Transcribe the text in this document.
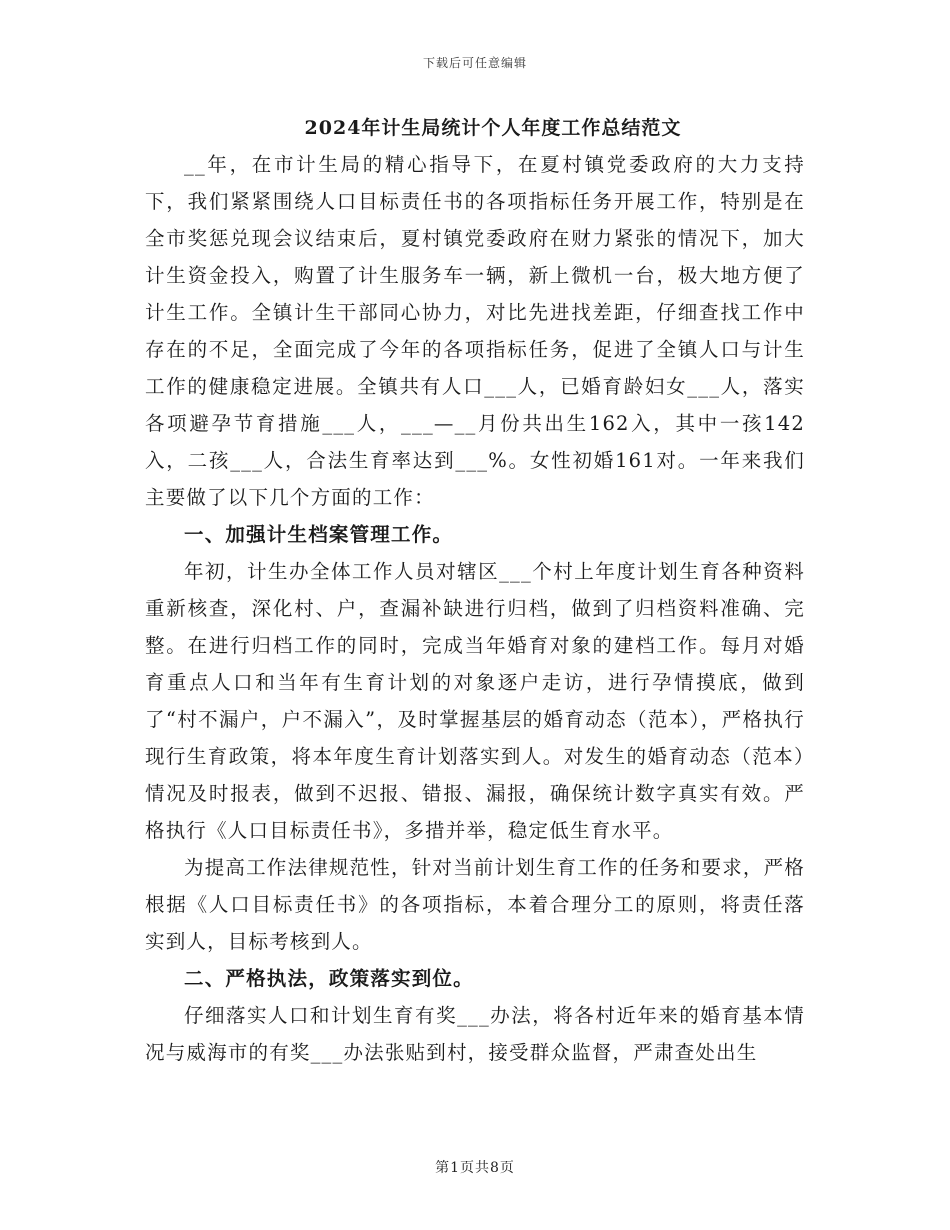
下载后可任意编辑
2024年计生局统计个人年度工作总结范文

__年，在市计生局的精心指导下，在夏村镇党委政府的大力支持下，我们紧紧围绕人口目标责任书的各项指标任务开展工作，特别是在全市奖惩兑现会议结束后，夏村镇党委政府在财力紧张的情况下，加大计生资金投入，购置了计生服务车一辆，新上微机一台，极大地方便了计生工作。全镇计生干部同心协力，对比先进找差距，仔细查找工作中存在的不足，全面完成了今年的各项指标任务，促进了全镇人口与计生工作的健康稳定进展。全镇共有人口___人，已婚育龄妇女___人，落实各项避孕节育措施___人，___—__月份共出生162入，其中一孩142入，二孩___人，合法生育率达到___%。女性初婚161对。一年来我们主要做了以下几个方面的工作：

一、加强计生档案管理工作。

年初，计生办全体工作人员对辖区___个村上年度计划生育各种资料重新核查，深化村、户，查漏补缺进行归档，做到了归档资料准确、完整。在进行归档工作的同时，完成当年婚育对象的建档工作。每月对婚育重点人口和当年有生育计划的对象逐户走访，进行孕情摸底，做到了“村不漏户，户不漏入”，及时掌握基层的婚育动态（范本），严格执行现行生育政策，将本年度生育计划落实到人。对发生的婚育动态（范本）情况及时报表，做到不迟报、错报、漏报，确保统计数字真实有效。严格执行《人口目标责任书》，多措并举，稳定低生育水平。

为提高工作法律规范性，针对当前计划生育工作的任务和要求，严格根据《人口目标责任书》的各项指标，本着合理分工的原则，将责任落实到人，目标考核到人。

二、严格执法，政策落实到位。

仔细落实人口和计划生育有奖___办法，将各村近年来的婚育基本情况与威海市的有奖___办法张贴到村，接受群众监督，严肃查处出生

第1页共8页
